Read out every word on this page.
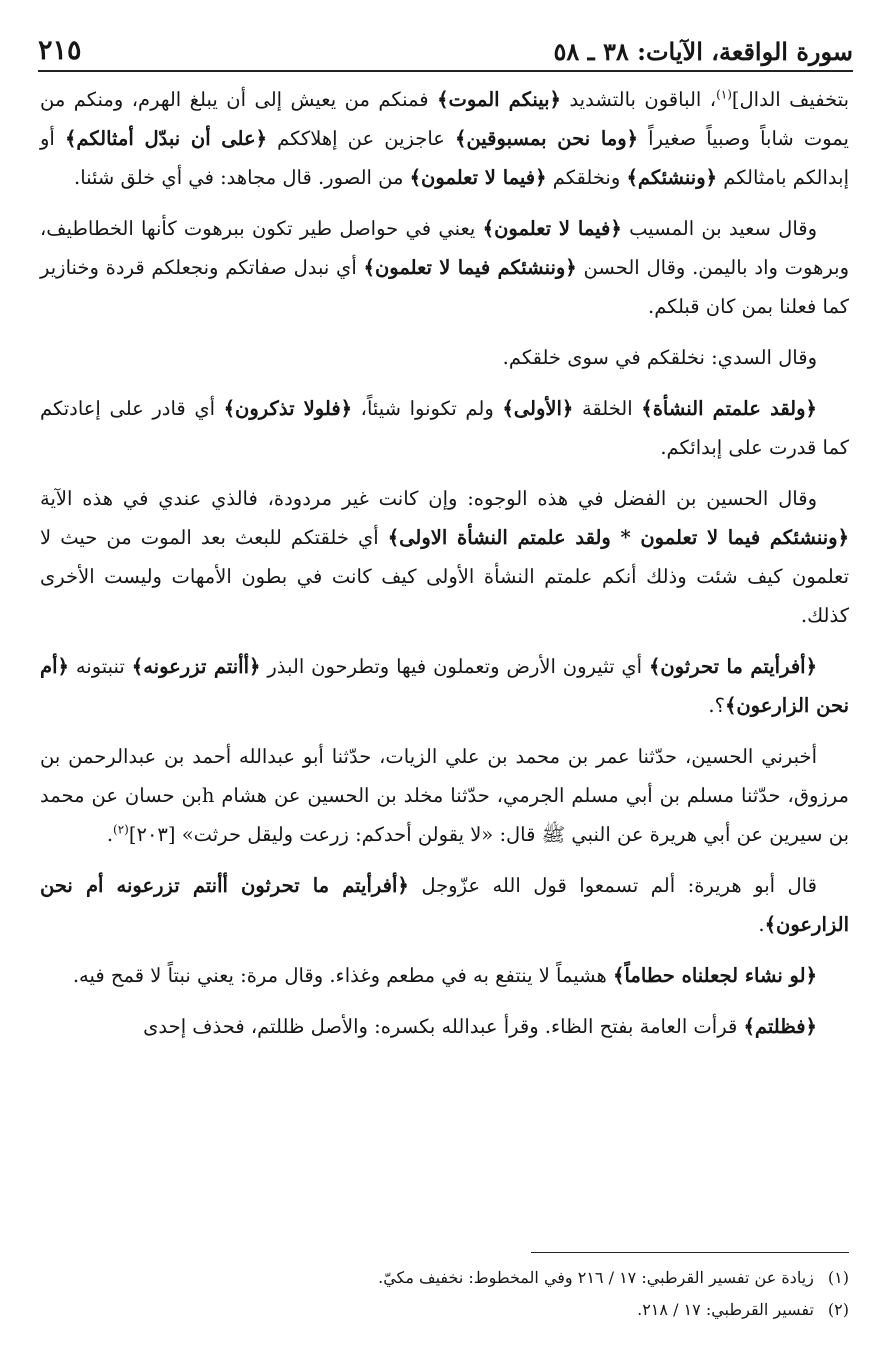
٢١٥	سورة الواقعة، الآيات: ٣٨ ـ ٥٨

بتخفيف الدال]$^{(١)}$، الباقون بالتشديد ﴿بينكم الموت﴾ فمنكم من يعيش إلى أن يبلغ الهرم، ومنكم من يموت شاباً وصبياً صغيراً ﴿وما نحن بمسبوقين﴾ عاجزين عن إهلاككم ﴿على أن نبدّل أمثالكم﴾ أو إبدالكم بامثالكم ﴿وننشئكم﴾ ونخلقكم ﴿فيما لا تعلمون﴾ من الصور. قال مجاهد: في أي خلق شئنا.

وقال سعيد بن المسيب ﴿فيما لا تعلمون﴾ يعني في حواصل طير تكون ببرهوت كأنها الخطاطيف، وبرهوت واد باليمن. وقال الحسن ﴿وننشئكم فيما لا تعلمون﴾ أي نبدل صفاتكم ونجعلكم قردة وخنازير كما فعلنا بمن كان قبلكم.

وقال السدي: نخلقكم في سوى خلقكم.

﴿ولقد علمتم النشأة﴾ الخلقة ﴿الأولى﴾ ولم تكونوا شيئاً، ﴿فلولا تذكرون﴾ أي قادر على إعادتكم كما قدرت على إبدائكم.

وقال الحسين بن الفضل في هذه الوجوه: وإن كانت غير مردودة، فالذي عندي في هذه الآية ﴿وننشئكم فيما لا تعلمون * ولقد علمتم النشأة الاولى﴾ أي خلقتكم للبعث بعد الموت من حيث لا تعلمون كيف شئت وذلك أنكم علمتم النشأة الأولى كيف كانت في بطون الأمهات وليست الأخرى كذلك.

﴿أفرأيتم ما تحرثون﴾ أي تثيرون الأرض وتعملون فيها وتطرحون البذر ﴿أأنتم تزرعونه﴾ تنبتونه ﴿أم نحن الزارعون﴾؟.

أخبرني الحسين، حدّثنا عمر بن محمد بن علي الزيات، حدّثنا أبو عبدالله أحمد بن عبدالرحمن بن مرزوق، حدّثنا مسلم بن أبي مسلم الجرمي، حدّثنا مخلد بن الحسين عن هشام hبن حسان عن محمد بن سيرين عن أبي هريرة عن النبي ﷺ قال: «لا يقولن أحدكم: زرعت وليقل حرثت» [٢٠٣]$^{(٢)}$.

قال أبو هريرة: ألم تسمعوا قول الله عزّوجل ﴿أفرأيتم ما تحرثون أأنتم تزرعونه أم نحن الزارعون﴾.

﴿لو نشاء لجعلناه حطاماً﴾ هشيماً لا ينتفع به في مطعم وغذاء. وقال مرة: يعني نبتاً لا قمح فيه.

﴿فظلتم﴾ قرأت العامة بفتح الظاء. وقرأ عبدالله بكسره: والأصل ظللتم، فحذف إحدى

(١) زيادة عن تفسير القرطبي: ١٧ / ٢١٦ وفي المخطوط: نخفيف مكيّ.

(٢) تفسير القرطبي: ١٧ / ٢١٨.
